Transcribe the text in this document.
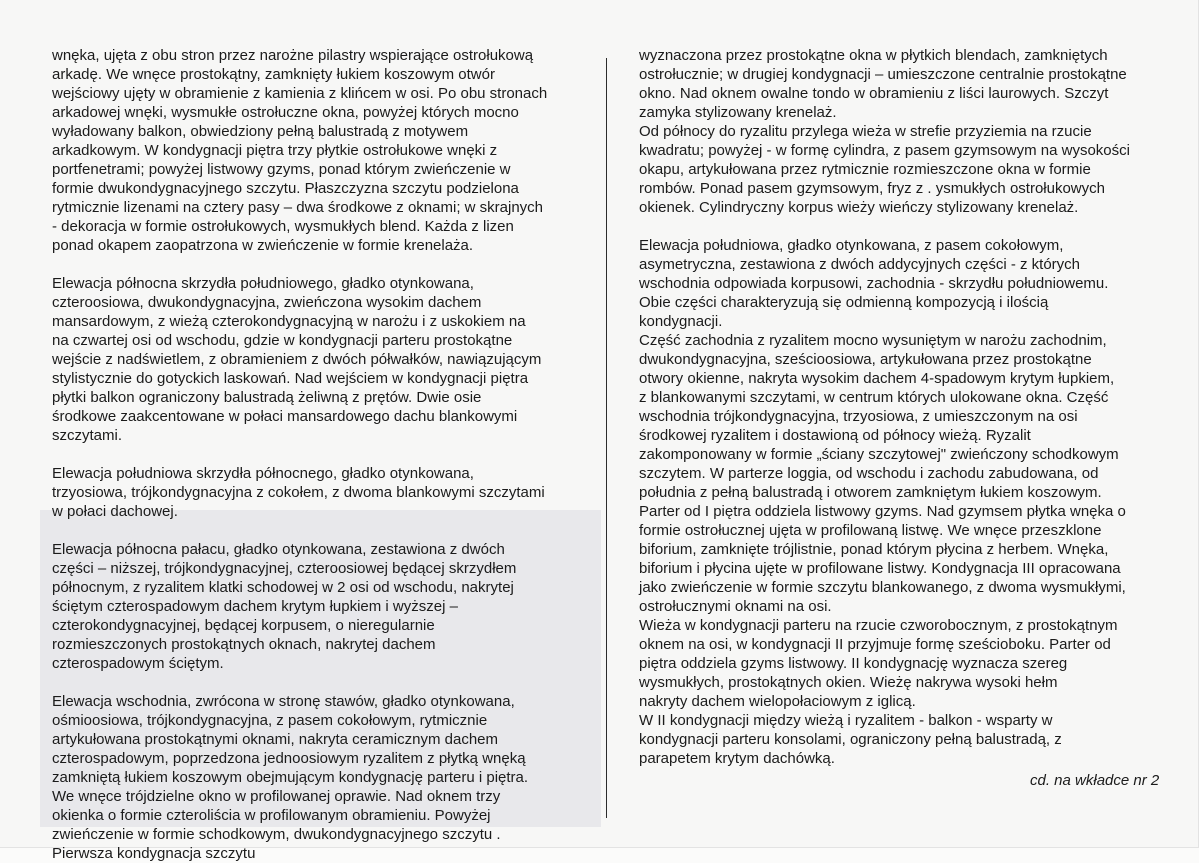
wnęka, ujęta z obu stron przez narożne pilastry wspierające ostrołukową
arkadę. We wnęce prostokątny, zamknięty łukiem koszowym otwór
wejściowy ujęty w obramienie z kamienia z klińcem w osi. Po obu stronach
arkadowej wnęki, wysmukłe ostrołuczne okna, powyżej których mocno
wyładowany balkon, obwiedziony pełną balustradą z motywem
arkadkowym. W kondygnacji piętra trzy płytkie ostrołukowe wnęki z
portfenetrami; powyżej listwowy gzyms, ponad którym zwieńczenie w
formie dwukondygnacyjnego szczytu. Płaszczyzna szczytu podzielona
rytmicznie lizenami na cztery pasy – dwa środkowe z oknami; w skrajnych
- dekoracja w formie ostrołukowych, wysmukłych blend. Każda z lizen
ponad okapem zaopatrzona w zwieńczenie w formie krenelaża.
Elewacja północna skrzydła południowego, gładko otynkowana,
czteroosiowa, dwukondygnacyjna, zwieńczona wysokim dachem
mansardowym, z wieżą czterokondygnacyjną w narożu i z uskokiem na
na czwartej osi od wschodu, gdzie w kondygnacji parteru prostokątne
wejście z nadświetlem, z obramieniem z dwóch półwałków, nawiązującym
stylistycznie do gotyckich laskowań. Nad wejściem w kondygnacji piętra
płytki balkon ograniczony balustradą żeliwną z prętów. Dwie osie
środkowe zaakcentowane w połaci mansardowego dachu blankowymi
szczytami.
Elewacja południowa skrzydła północnego, gładko otynkowana,
trzyosiowa, trójkondygnacyjna z cokołem, z dwoma blankowymi szczytami
w połaci dachowej.
Elewacja północna pałacu, gładko otynkowana, zestawiona z dwóch
części – niższej, trójkondygnacyjnej, czteroosiowej będącej skrzydłem
północnym, z ryzalitem klatki schodowej w 2 osi od wschodu, nakrytej
ściętym czterospadowym dachem krytym łupkiem i wyższej –
czterokondygnacyjnej, będącej korpusem, o nieregularnie
rozmieszczonych prostokątnych oknach, nakrytej dachem
czterospadowym ściętym.
Elewacja wschodnia, zwrócona w stronę stawów, gładko otynkowana,
ośmioosiowa, trójkondygnacyjna, z pasem cokołowym, rytmicznie
artykułowana prostokątnymi oknami, nakryta ceramicznym dachem
czterospadowym, poprzedzona jednoosiowym ryzalitem z płytką wnęką
zamkniętą łukiem koszowym obejmującym kondygnację parteru i piętra.
We wnęce trójdzielne okno w profilowanej oprawie. Nad oknem trzy
okienka o formie czteroliścia w profilowanym obramieniu. Powyżej
zwieńczenie w formie schodkowym, dwukondygnacyjnego szczytu .
Pierwsza kondygnacja szczytu
wyznaczona przez prostokątne okna w płytkich blendach, zamkniętych
ostrołucznie; w drugiej kondygnacji – umieszczone centralnie prostokątne
okno. Nad oknem owalne tondo w obramieniu z liści laurowych. Szczyt
zamyka stylizowany krenelaż.
Od północy do ryzalitu przylega wieża w strefie przyziemia na rzucie
kwadratu; powyżej - w formę cylindra, z pasem gzymsowym na wysokości
okapu, artykułowana przez rytmicznie rozmieszczone okna w formie
rombów. Ponad pasem gzymsowym, fryz z . ysmukłych ostrołukowych
okienek. Cylindryczny korpus wieży wieńczy stylizowany krenelaż.
Elewacja południowa, gładko otynkowana, z pasem cokołowym,
asymetryczna, zestawiona z dwóch addycyjnych części - z których
wschodnia odpowiada korpusowi, zachodnia - skrzydłu południowemu.
Obie części charakteryzują się odmienną kompozycją i ilością
kondygnacji.
Część zachodnia z ryzalitem mocno wysuniętym w narożu zachodnim,
dwukondygnacyjna, sześcioosiowa, artykułowana przez prostokątne
otwory okienne, nakryta wysokim dachem 4-spadowym krytym łupkiem,
z blankowanymi szczytami, w centrum których ulokowane okna. Część
wschodnia trójkondygnacyjna, trzyosiowa, z umieszczonym na osi
środkowej ryzalitem i dostawioną od północy wieżą. Ryzalit
zakomponowany w formie „ściany szczytowej" zwieńczony schodkowym
szczytem. W parterze loggia, od wschodu i zachodu zabudowana, od
południa z pełną balustradą i otworem zamkniętym łukiem koszowym.
Parter od I piętra oddziela listwowy gzyms. Nad gzymsem płytka wnęka o
formie ostrołucznej ujęta w profilowaną listwę. We wnęce przeszklone
biforium, zamknięte trójlistnie, ponad którym płycina z herbem. Wnęka,
biforium i płycina ujęte w profilowane listwy. Kondygnacja III opracowana
jako zwieńczenie w formie szczytu blankowanego, z dwoma wysmukłymi,
ostrołucznymi oknami na osi.
Wieża w kondygnacji parteru na rzucie czworobocznym, z prostokątnym
oknem na osi, w kondygnacji II przyjmuje formę sześcioboku. Parter od
piętra oddziela gzyms listwowy. II kondygnację wyznacza szereg
wysmukłych, prostokątnych okien. Wieżę nakrywa wysoki hełm
nakryty dachem wielopołaciowym z iglicą.
W II kondygnacji między wieżą i ryzalitem - balkon - wsparty w
kondygnacji parteru konsolami, ograniczony pełną balustradą, z
parapetem krytym dachówką.
cd. na wkładce nr 2
